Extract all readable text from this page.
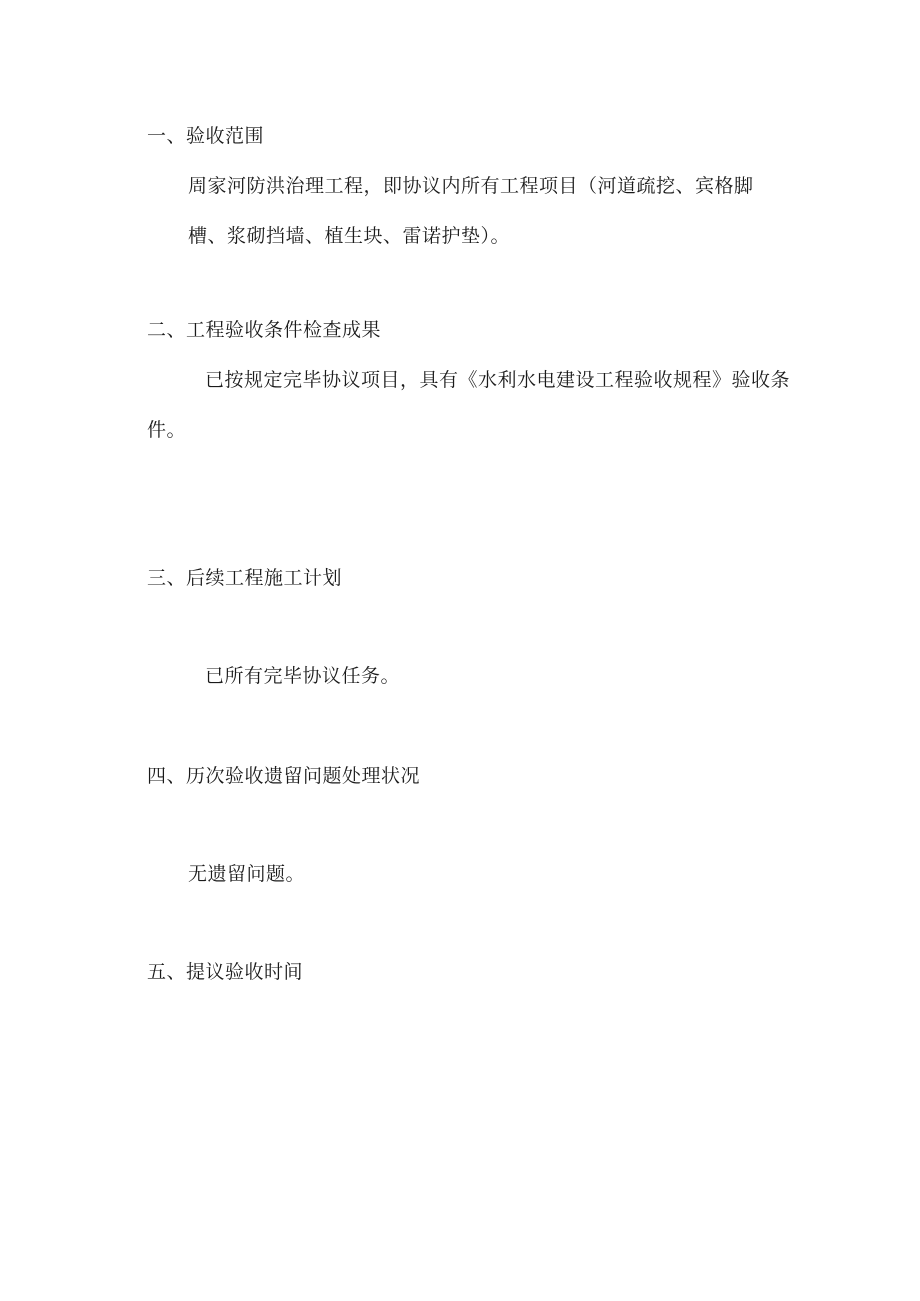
一、验收范围
周家河防洪治理工程，即协议内所有工程项目（河道疏挖、宾格脚
槽、浆砌挡墙、植生块、雷诺护垫）。
二、工程验收条件检查成果
已按规定完毕协议项目，具有《水利水电建设工程验收规程》验收条
件。
三、后续工程施工计划
已所有完毕协议任务。
四、历次验收遗留问题处理状况
无遗留问题。
五、提议验收时间
